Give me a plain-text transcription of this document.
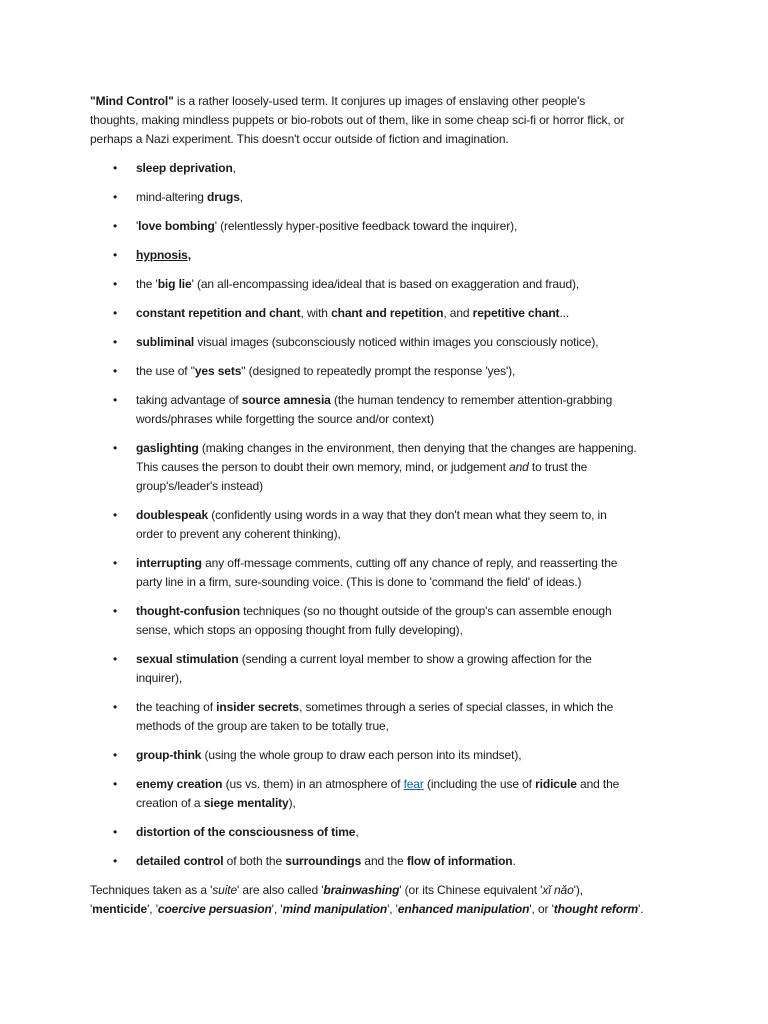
"Mind Control" is a rather loosely-used term. It conjures up images of enslaving other people's
thoughts, making mindless puppets or bio-robots out of them, like in some cheap sci-fi or horror flick, or
perhaps a Nazi experiment. This doesn't occur outside of fiction and imagination.
•
sleep deprivation,
•
mind-altering drugs,
•
'love bombing' (relentlessly hyper-positive feedback toward the inquirer),
•
hypnosis,
•
the 'big lie' (an all-encompassing idea/ideal that is based on exaggeration and fraud),
•
constant repetition and chant, with chant and repetition, and repetitive chant...
•
subliminal visual images (subconsciously noticed within images you consciously notice),
•
the use of "yes sets" (designed to repeatedly prompt the response 'yes'),
•
taking advantage of source amnesia (the human tendency to remember attention-grabbing
words/phrases while forgetting the source and/or context)
•
gaslighting (making changes in the environment, then denying that the changes are happening.
This causes the person to doubt their own memory, mind, or judgement and to trust the
group's/leader's instead)
•
doublespeak (confidently using words in a way that they don't mean what they seem to, in
order to prevent any coherent thinking),
•
interrupting any off-message comments, cutting off any chance of reply, and reasserting the
party line in a firm, sure-sounding voice. (This is done to 'command the field' of ideas.)
•
thought-confusion techniques (so no thought outside of the group's can assemble enough
sense, which stops an opposing thought from fully developing),
•
sexual stimulation (sending a current loyal member to show a growing affection for the
inquirer),
•
the teaching of insider secrets, sometimes through a series of special classes, in which the
methods of the group are taken to be totally true,
•
group-think (using the whole group to draw each person into its mindset),
•
enemy creation (us vs. them) in an atmosphere of fear (including the use of ridicule and the
creation of a siege mentality),
•
distortion of the consciousness of time,
•
detailed control of both the surroundings and the flow of information.
Techniques taken as a 'suite' are also called 'brainwashing' (or its Chinese equivalent 'xǐ nǎo'),
'menticide', 'coercive persuasion', 'mind manipulation', 'enhanced manipulation', or 'thought reform'.
